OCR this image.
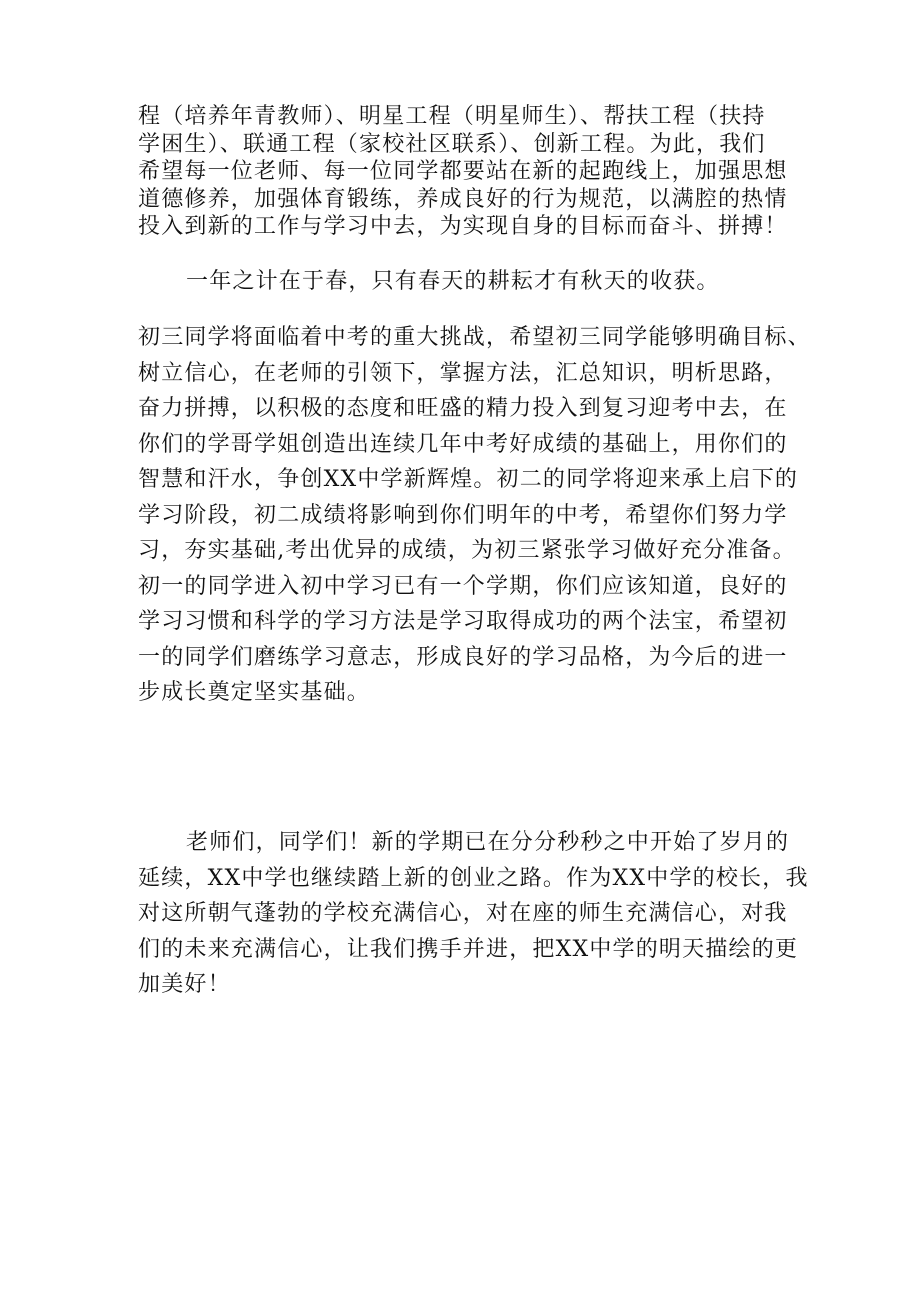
程（培养年青教师）、明星工程（明星师生）、帮扶工程（扶持
学困生）、联通工程（家校社区联系）、创新工程。为此，我们
希望每一位老师、每一位同学都要站在新的起跑线上，加强思想
道德修养，加强体育锻练，养成良好的行为规范，以满腔的热情
投入到新的工作与学习中去，为实现自身的目标而奋斗、拼搏！
一年之计在于春，只有春天的耕耘才有秋天的收获。
初三同学将面临着中考的重大挑战，希望初三同学能够明确目标、
树立信心，在老师的引领下，掌握方法，汇总知识，明析思路，
奋力拼搏，以积极的态度和旺盛的精力投入到复习迎考中去，在
你们的学哥学姐创造出连续几年中考好成绩的基础上，用你们的
智慧和汗水，争创XX中学新辉煌。初二的同学将迎来承上启下的
学习阶段，初二成绩将影响到你们明年的中考，希望你们努力学
习，夯实基础,考出优异的成绩，为初三紧张学习做好充分准备。
初一的同学进入初中学习已有一个学期，你们应该知道，良好的
学习习惯和科学的学习方法是学习取得成功的两个法宝，希望初
一的同学们磨练学习意志，形成良好的学习品格，为今后的进一
步成长奠定坚实基础。
老师们，同学们！新的学期已在分分秒秒之中开始了岁月的
延续，XX中学也继续踏上新的创业之路。作为XX中学的校长，我
对这所朝气蓬勃的学校充满信心，对在座的师生充满信心，对我
们的未来充满信心，让我们携手并进，把XX中学的明天描绘的更
加美好！
